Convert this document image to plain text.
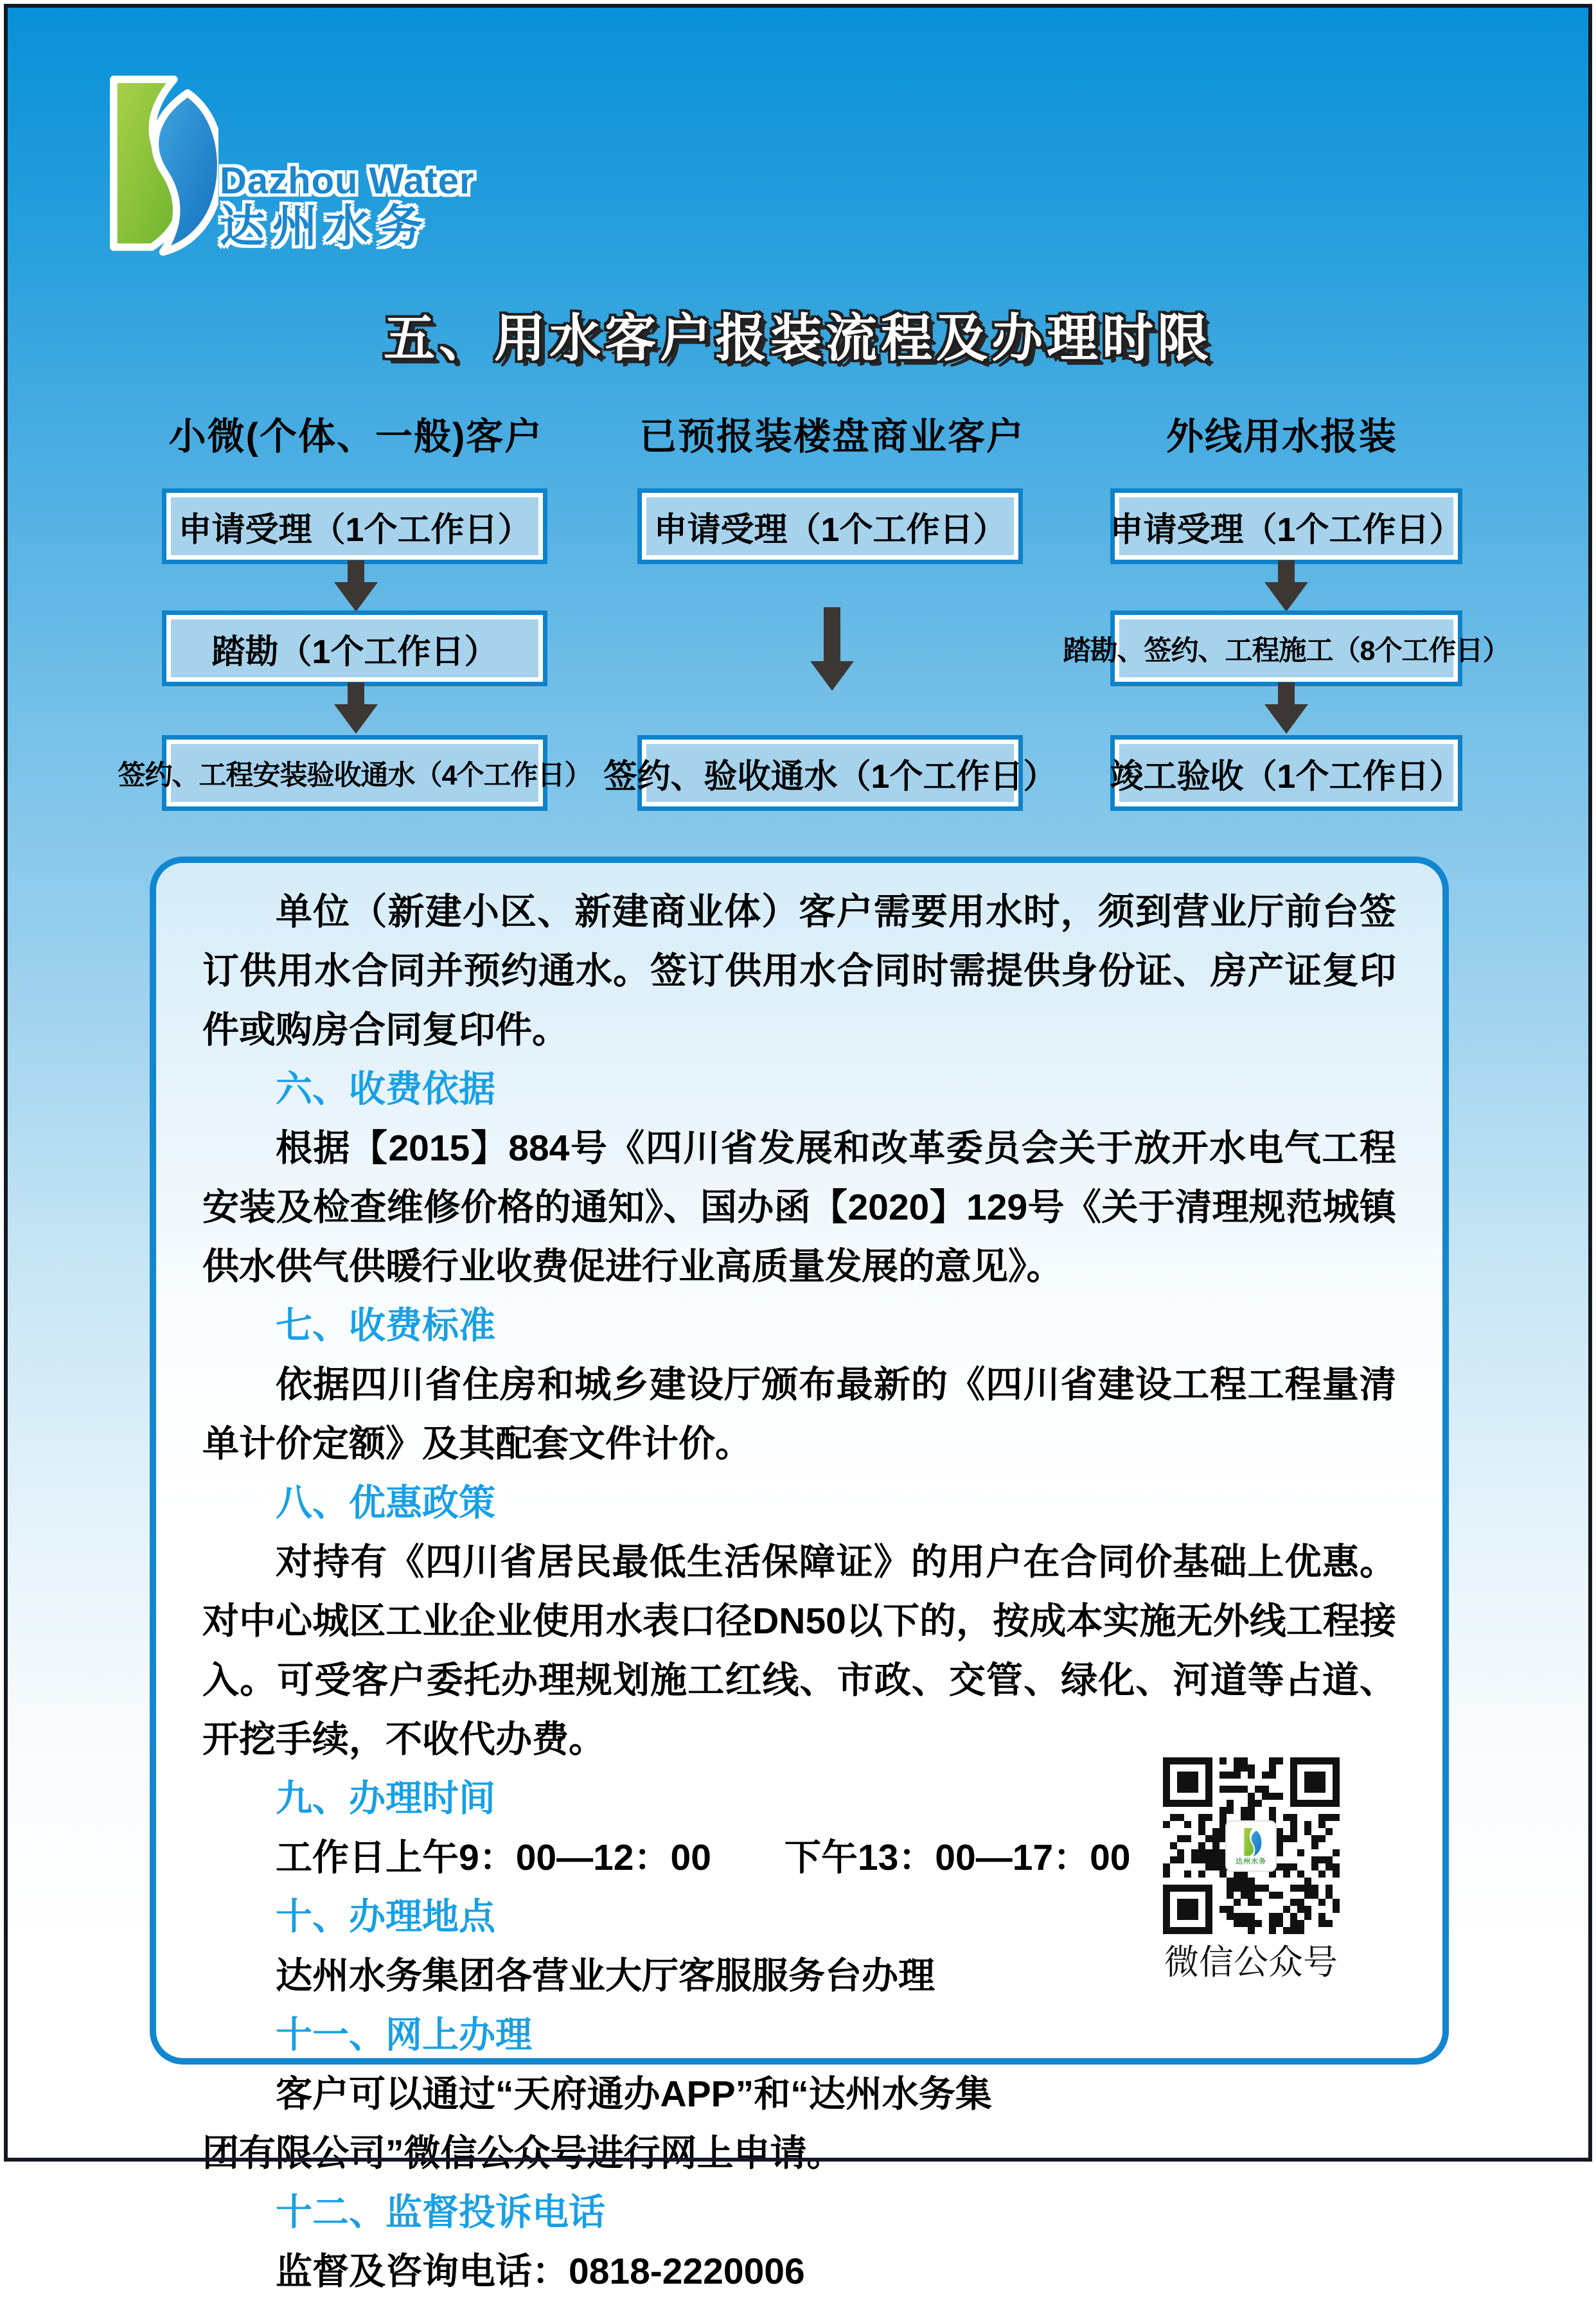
Dazhou Water
达州水务
五、用水客户报装流程及办理时限
小微(个体、一般)客户	已预报装楼盘商业客户	外线用水报装
申请受理（1个工作日）
踏勘（1个工作日）
签约、工程安装验收通水（4个工作日）
申请受理（1个工作日）
签约、验收通水（1个工作日）
申请受理（1个工作日）
踏勘、签约、工程施工（8个工作日）
竣工验收（1个工作日）

单位（新建小区、新建商业体）客户需要用水时，须到营业厅前台签订供用水合同并预约通水。签订供用水合同时需提供身份证、房产证复印件或购房合同复印件。

六、收费依据

根据【2015】884号《四川省发展和改革委员会关于放开水电气工程安装及检查维修价格的通知》、国办函【2020】129号《关于清理规范城镇供水供气供暖行业收费促进行业高质量发展的意见》。

七、收费标准

依据四川省住房和城乡建设厅颁布最新的《四川省建设工程工程量清单计价定额》及其配套文件计价。

八、优惠政策

对持有《四川省居民最低生活保障证》的用户在合同价基础上优惠。对中心城区工业企业使用水表口径DN50以下的，按成本实施无外线工程接入。可受客户委托办理规划施工红线、市政、交管、绿化、河道等占道、开挖手续，不收代办费。

九、办理时间

工作日上午9：00—12：00　　下午13：00—17：00

十、办理地点

达州水务集团各营业大厅客服服务台办理

十一、网上办理

客户可以通过“天府通办APP”和“达州水务集团有限公司”微信公众号进行网上申请。

十二、监督投诉电话

监督及咨询电话：0818-2220006

达州水务
微信公众号
